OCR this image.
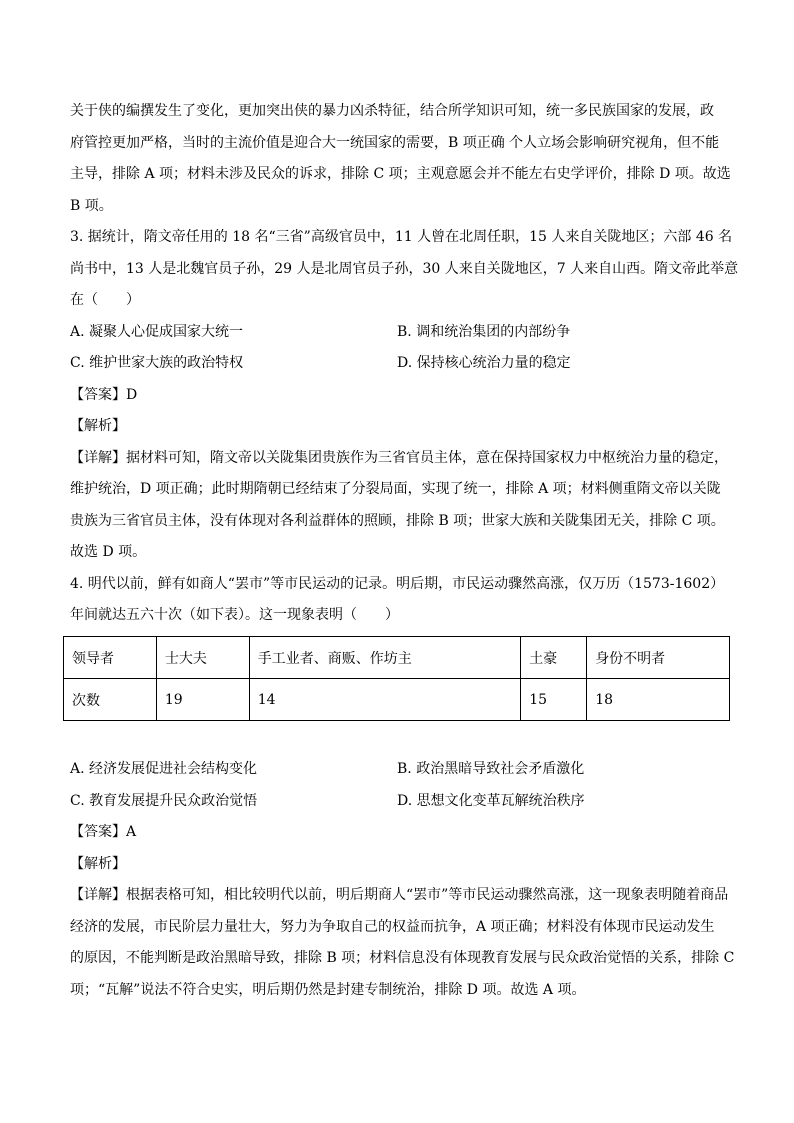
关于侠的编撰发生了变化，更加突出侠的暴力凶杀特征，结合所学知识可知，统一多民族国家的发展，政
府管控更加严格，当时的主流价值是迎合大一统国家的需要，B 项正确 个人立场会影响研究视角，但不能
主导，排除 A 项；材料未涉及民众的诉求，排除 C 项；主观意愿会并不能左右史学评价，排除 D 项。故选
B 项。
3. 据统计，隋文帝任用的 18 名“三省”高级官员中，11 人曾在北周任职，15 人来自关陇地区；六部 46 名
尚书中，13 人是北魏官员子孙，29 人是北周官员子孙，30 人来自关陇地区，7 人来自山西。隋文帝此举意
在（　　）
A. 凝聚人心促成国家大统一	B. 调和统治集团的内部纷争
C. 维护世家大族的政治特权	D. 保持核心统治力量的稳定
【答案】D
【解析】
【详解】据材料可知，隋文帝以关陇集团贵族作为三省官员主体，意在保持国家权力中枢统治力量的稳定，
维护统治，D 项正确；此时期隋朝已经结束了分裂局面，实现了统一，排除 A 项；材料侧重隋文帝以关陇
贵族为三省官员主体，没有体现对各利益群体的照顾，排除 B 项；世家大族和关陇集团无关，排除 C 项。
故选 D 项。
4. 明代以前，鲜有如商人“罢市”等市民运动的记录。明后期，市民运动骤然高涨，仅万历（1573-1602）
年间就达五六十次（如下表）。这一现象表明（　　）
领导者	士大夫	手工业者、商贩、作坊主	土豪	身份不明者
次数	19	14	15	18
A. 经济发展促进社会结构变化	B. 政治黑暗导致社会矛盾激化
C. 教育发展提升民众政治觉悟	D. 思想文化变革瓦解统治秩序
【答案】A
【解析】
【详解】根据表格可知，相比较明代以前，明后期商人“罢市”等市民运动骤然高涨，这一现象表明随着商品
经济的发展，市民阶层力量壮大，努力为争取自己的权益而抗争，A 项正确；材料没有体现市民运动发生
的原因，不能判断是政治黑暗导致，排除 B 项；材料信息没有体现教育发展与民众政治觉悟的关系，排除 C
项；“瓦解”说法不符合史实，明后期仍然是封建专制统治，排除 D 项。故选 A 项。
